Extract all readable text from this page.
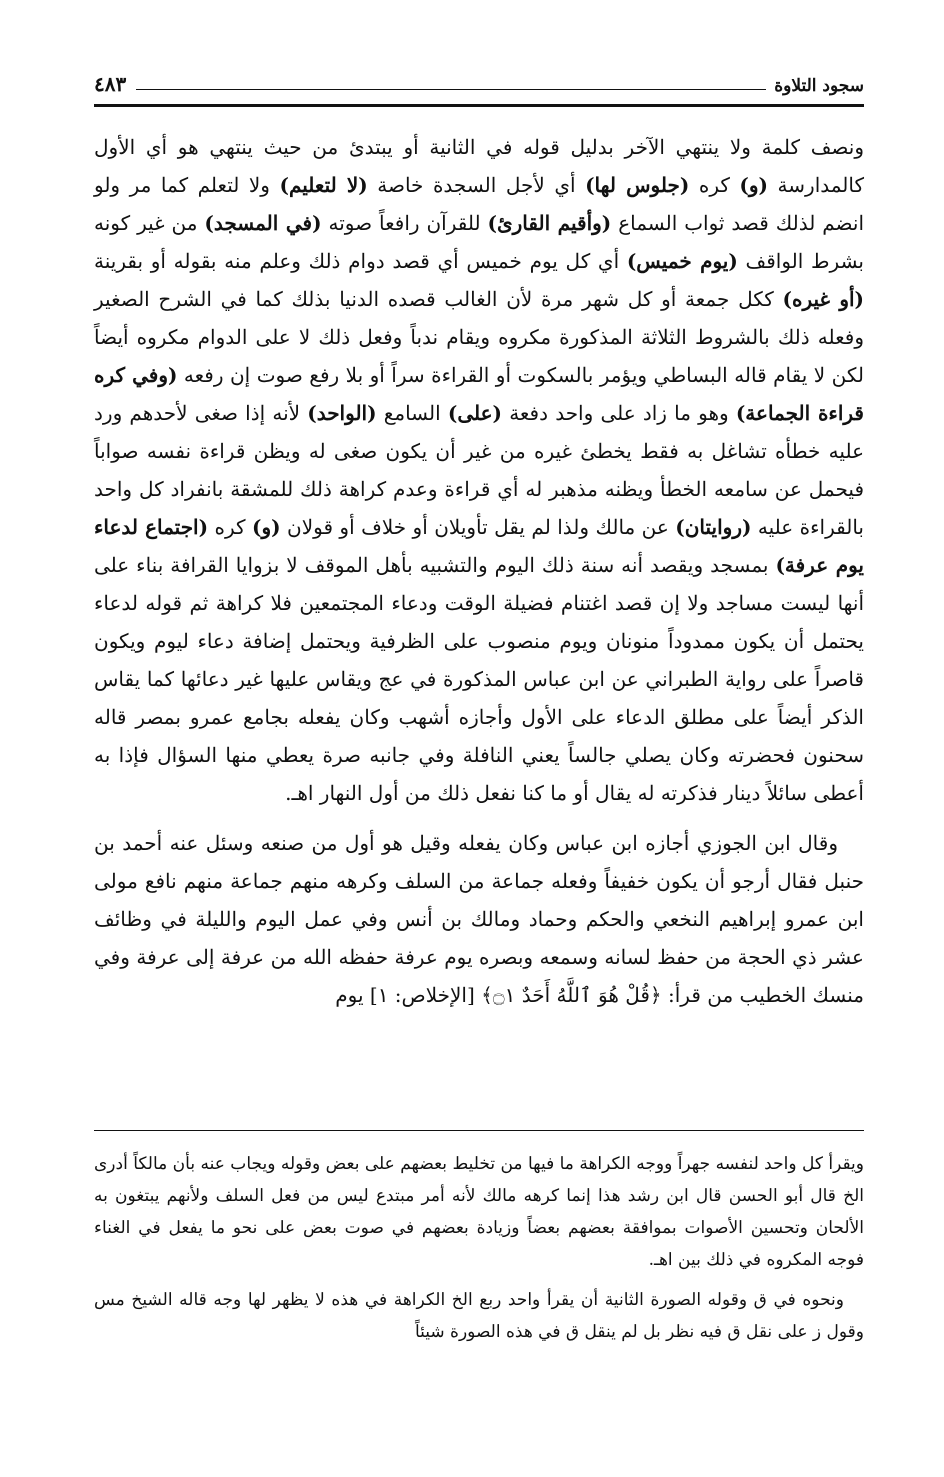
سجود التلاوة
٤٨٣

ونصف كلمة ولا ينتهي الآخر بدليل قوله في الثانية أو يبتدئ من حيث ينتهي هو أي الأول كالمدارسة (و) كره (جلوس لها) أي لأجل السجدة خاصة (لا لتعليم) ولا لتعلم كما مر ولو انضم لذلك قصد ثواب السماع (وأقيم القارئ) للقرآن رافعاً صوته (في المسجد) من غير كونه بشرط الواقف (يوم خميس) أي كل يوم خميس أي قصد دوام ذلك وعلم منه بقوله أو بقرينة (أو غيره) ككل جمعة أو كل شهر مرة لأن الغالب قصده الدنيا بذلك كما في الشرح الصغير وفعله ذلك بالشروط الثلاثة المذكورة مكروه ويقام ندباً وفعل ذلك لا على الدوام مكروه أيضاً لكن لا يقام قاله البساطي ويؤمر بالسكوت أو القراءة سراً أو بلا رفع صوت إن رفعه (وفي كره قراءة الجماعة) وهو ما زاد على واحد دفعة (على) السامع (الواحد) لأنه إذا صغى لأحدهم ورد عليه خطأه تشاغل به فقط يخطئ غيره من غير أن يكون صغى له ويظن قراءة نفسه صواباً فيحمل عن سامعه الخطأ ويظنه مذهبر له أي قراءة وعدم كراهة ذلك للمشقة بانفراد كل واحد بالقراءة عليه (روايتان) عن مالك ولذا لم يقل تأويلان أو خلاف أو قولان (و) كره (اجتماع لدعاء يوم عرفة) بمسجد ويقصد أنه سنة ذلك اليوم والتشبيه بأهل الموقف لا بزوايا القرافة بناء على أنها ليست مساجد ولا إن قصد اغتنام فضيلة الوقت ودعاء المجتمعين فلا كراهة ثم قوله لدعاء يحتمل أن يكون ممدوداً منونان ويوم منصوب على الظرفية ويحتمل إضافة دعاء ليوم ويكون قاصراً على رواية الطبراني عن ابن عباس المذكورة في عج ويقاس عليها غير دعائها كما يقاس الذكر أيضاً على مطلق الدعاء على الأول وأجازه أشهب وكان يفعله بجامع عمرو بمصر قاله سحنون فحضرته وكان يصلي جالساً يعني النافلة وفي جانبه صرة يعطي منها السؤال فإذا به أعطى سائلاً دينار فذكرته له يقال أو ما كنا نفعل ذلك من أول النهار اهـ.

وقال ابن الجوزي أجازه ابن عباس وكان يفعله وقيل هو أول من صنعه وسئل عنه أحمد بن حنبل فقال أرجو أن يكون خفيفاً وفعله جماعة من السلف وكرهه منهم جماعة منهم نافع مولى ابن عمرو إبراهيم النخعي والحكم وحماد ومالك بن أنس وفي عمل اليوم والليلة في وظائف عشر ذي الحجة من حفظ لسانه وسمعه وبصره يوم عرفة حفظه الله من عرفة إلى عرفة وفي منسك الخطيب من قرأ: ﴿قُلْ هُوَ ٱللَّهُ أَحَدٌ ۝١﴾ [الإخلاص: ١] يوم

ويقرأ كل واحد لنفسه جهراً ووجه الكراهة ما فيها من تخليط بعضهم على بعض وقوله ويجاب عنه بأن مالكاً أدرى الخ قال أبو الحسن قال ابن رشد هذا إنما كرهه مالك لأنه أمر مبتدع ليس من فعل السلف ولأنهم يبتغون به الألحان وتحسين الأصوات بموافقة بعضهم بعضاً وزيادة بعضهم في صوت بعض على نحو ما يفعل في الغناء فوجه المكروه في ذلك بين اهـ.

ونحوه في ق وقوله الصورة الثانية أن يقرأ واحد ربع الخ الكراهة في هذه لا يظهر لها وجه قاله الشيخ مس وقول ز على نقل ق فيه نظر بل لم ينقل ق في هذه الصورة شيئاً
